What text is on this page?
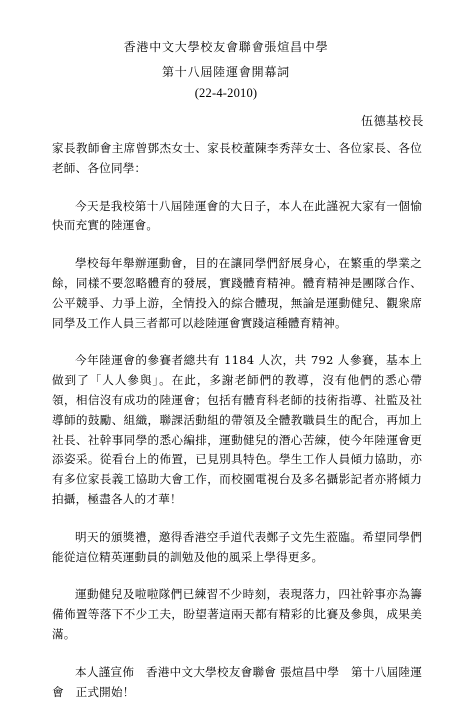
香港中文大學校友會聯會張煊昌中學
第十八屆陸運會開幕詞
(22-4-2010)
伍德基校長

家長教師會主席曾鄧杰女士、家長校董陳李秀萍女士、各位家長、各位老師、各位同學：

今天是我校第十八屆陸運會的大日子，本人在此謹祝大家有一個愉快而充實的陸運會。

學校每年舉辦運動會，目的在讓同學們舒展身心，在繁重的學業之餘，同樣不要忽略體育的發展，實踐體育精神。體育精神是團隊合作、公平競爭、力爭上游，全情投入的綜合體現，無論是運動健兒、觀衆席同學及工作人員三者都可以趁陸運會實踐這種體育精神。

今年陸運會的參賽者總共有 1184 人次，共 792 人參賽，基本上做到了「人人參與」。在此，多謝老師們的教導，沒有他們的悉心帶領，相信沒有成功的陸運會；包括有體育科老師的技術指導、社監及社導師的鼓勵、組織，聯課活動組的帶領及全體教職員生的配合，再加上社長、社幹事同學的悉心編排，運動健兒的潛心苦練，使今年陸運會更添姿采。從看台上的佈置，已見別具特色。學生工作人員傾力協助，亦有多位家長義工協助大會工作，而校園電視台及多名攝影記者亦將傾力拍攝，極盡各人的才華！

明天的頒獎禮，邀得香港空手道代表鄭子文先生蒞臨。希望同學們能從這位精英運動員的訓勉及他的風采上學得更多。

運動健兒及啦啦隊們已練習不少時刻，表現落力，四社幹事亦為籌備佈置等落下不少工夫，盼望著這兩天都有精彩的比賽及參與，成果美滿。

本人謹宣佈　香港中文大學校友會聯會 張煊昌中學　第十八屆陸運會　正式開始！
